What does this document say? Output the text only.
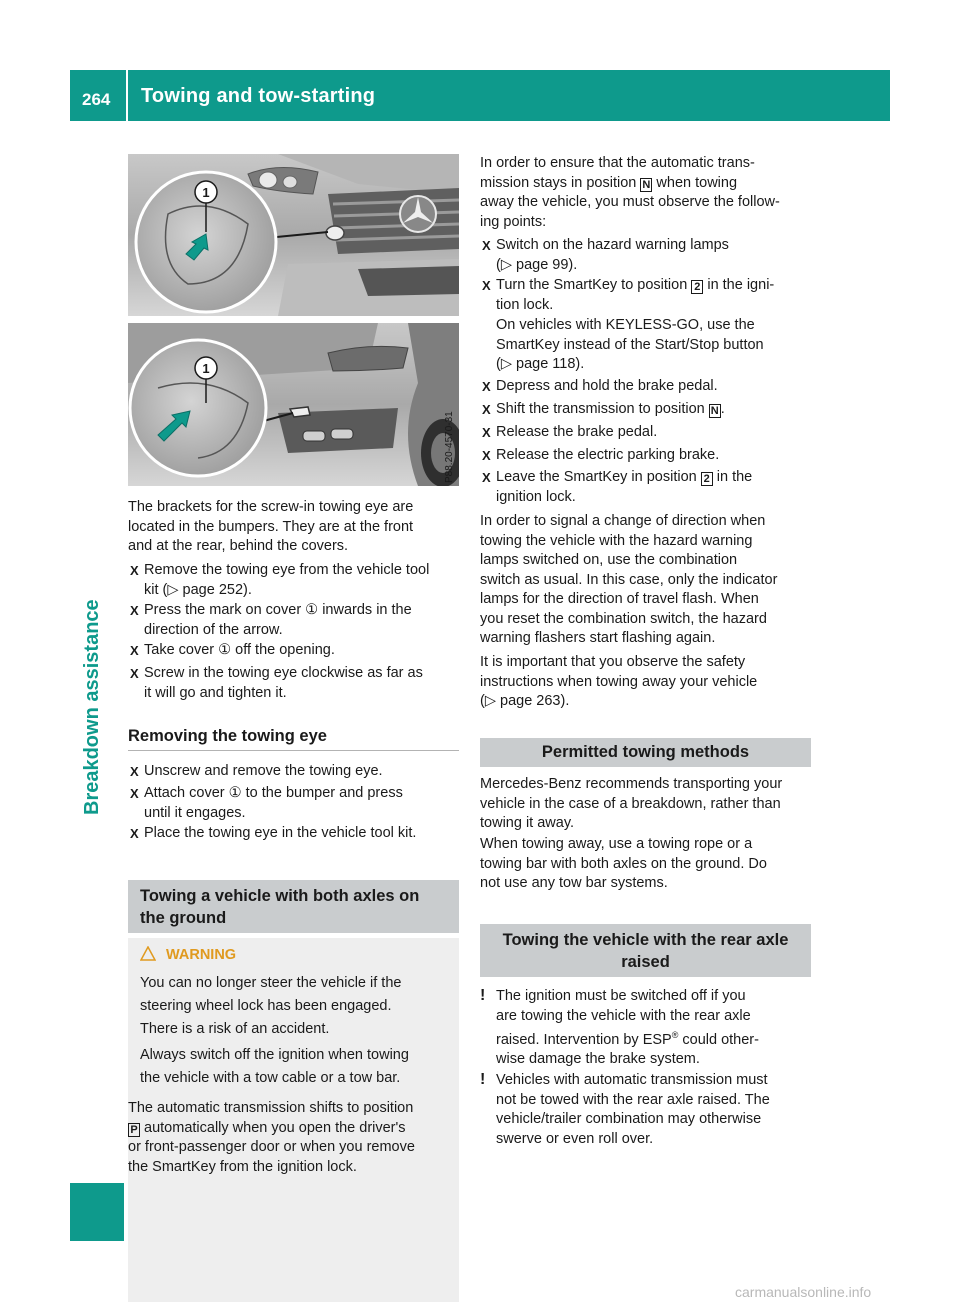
264 Towing and tow-starting
Breakdown assistance
1
1
P88.20-4570-31

The brackets for the screw-in towing eye are

located in the bumpers. They are at the front

and at the rear, behind the covers.

X Remove the towing eye from the vehicle tool

kit (▷ page 252).

X Press the mark on cover ① inwards in the

direction of the arrow.

X Take cover ① off the opening.

X Screw in the towing eye clockwise as far as

it will go and tighten it.

Removing the towing eye
X Unscrew and remove the towing eye.

X Attach cover ① to the bumper and press

until it engages.

X Place the towing eye in the vehicle tool kit.

Towing a vehicle with both axles on
the ground
WARNING

You can no longer steer the vehicle if the

steering wheel lock has been engaged.

There is a risk of an accident.

Always switch off the ignition when towing

the vehicle with a tow cable or a tow bar.

The automatic transmission shifts to position

P automatically when you open the driver's

or front-passenger door or when you remove

the SmartKey from the ignition lock.

In order to ensure that the automatic trans-

mission stays in position N when towing

away the vehicle, you must observe the follow-

ing points:

X Switch on the hazard warning lamps

(▷ page 99).

X Turn the SmartKey to position 2 in the igni-

tion lock.

On vehicles with KEYLESS-GO, use the

SmartKey instead of the Start/Stop button

(▷ page 118).

X Depress and hold the brake pedal.

X Shift the transmission to position N .

X Release the brake pedal.

X Release the electric parking brake.

X Leave the SmartKey in position 2 in the

ignition lock.

In order to signal a change of direction when

towing the vehicle with the hazard warning

lamps switched on, use the combination

switch as usual. In this case, only the indicator

lamps for the direction of travel flash. When

you reset the combination switch, the hazard

warning flashers start flashing again.

It is important that you observe the safety

instructions when towing away your vehicle

(▷ page 263).

Permitted towing methods

Mercedes-Benz recommends transporting your

vehicle in the case of a breakdown, rather than

towing it away.

When towing away, use a towing rope or a

towing bar with both axles on the ground. Do

not use any tow bar systems.

Towing the vehicle with the rear axle
raised
! The ignition must be switched off if you

are towing the vehicle with the rear axle

raised. Intervention by ESP® could other-

wise damage the brake system.

! Vehicles with automatic transmission must

not be towed with the rear axle raised. The

vehicle/trailer combination may otherwise

swerve or even roll over.

carmanualsonline.info
